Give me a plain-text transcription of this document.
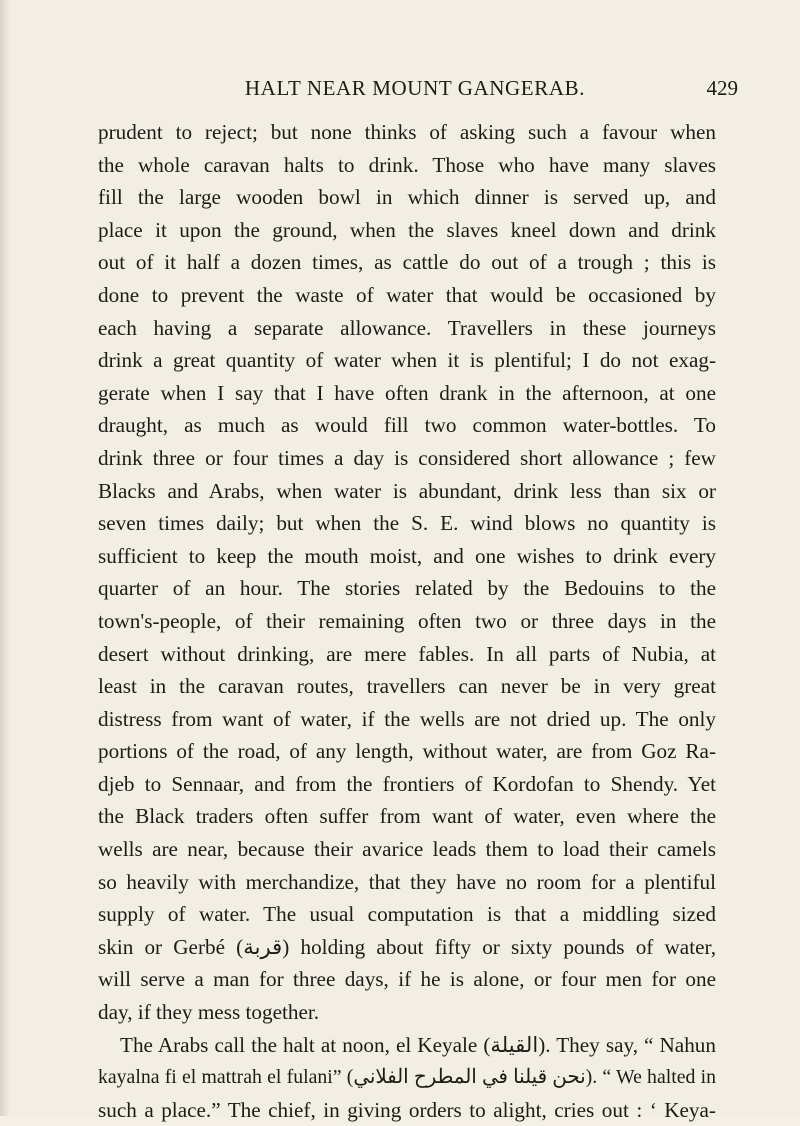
HALT NEAR MOUNT GANGERAB.	429
prudent to reject; but none thinks of asking such a favour when
the whole caravan halts to drink. Those who have many slaves
fill the large wooden bowl in which dinner is served up, and
place it upon the ground, when the slaves kneel down and drink
out of it half a dozen times, as cattle do out of a trough ; this is
done to prevent the waste of water that would be occasioned by
each having a separate allowance. Travellers in these journeys
drink a great quantity of water when it is plentiful; I do not exag-
gerate when I say that I have often drank in the afternoon, at one
draught, as much as would fill two common water-bottles. To
drink three or four times a day is considered short allowance ; few
Blacks and Arabs, when water is abundant, drink less than six or
seven times daily; but when the S. E. wind blows no quantity is
sufficient to keep the mouth moist, and one wishes to drink every
quarter of an hour. The stories related by the Bedouins to the
town's-people, of their remaining often two or three days in the
desert without drinking, are mere fables. In all parts of Nubia, at
least in the caravan routes, travellers can never be in very great
distress from want of water, if the wells are not dried up. The only
portions of the road, of any length, without water, are from Goz Ra-
djeb to Sennaar, and from the frontiers of Kordofan to Shendy. Yet
the Black traders often suffer from want of water, even where the
wells are near, because their avarice leads them to load their camels
so heavily with merchandize, that they have no room for a plentiful
supply of water. The usual computation is that a middling sized
skin or Gerbé (قربة) holding about fifty or sixty pounds of water,
will serve a man for three days, if he is alone, or four men for one
day, if they mess together.
The Arabs call the halt at noon, el Keyale (القيلة). They say, “ Nahun
kayalna fi el mattrah el fulani” (نحن قيلنا في المطرح الفلاني). “ We halted in
such a place.” The chief, in giving orders to alight, cries out : ‘ Keya-
